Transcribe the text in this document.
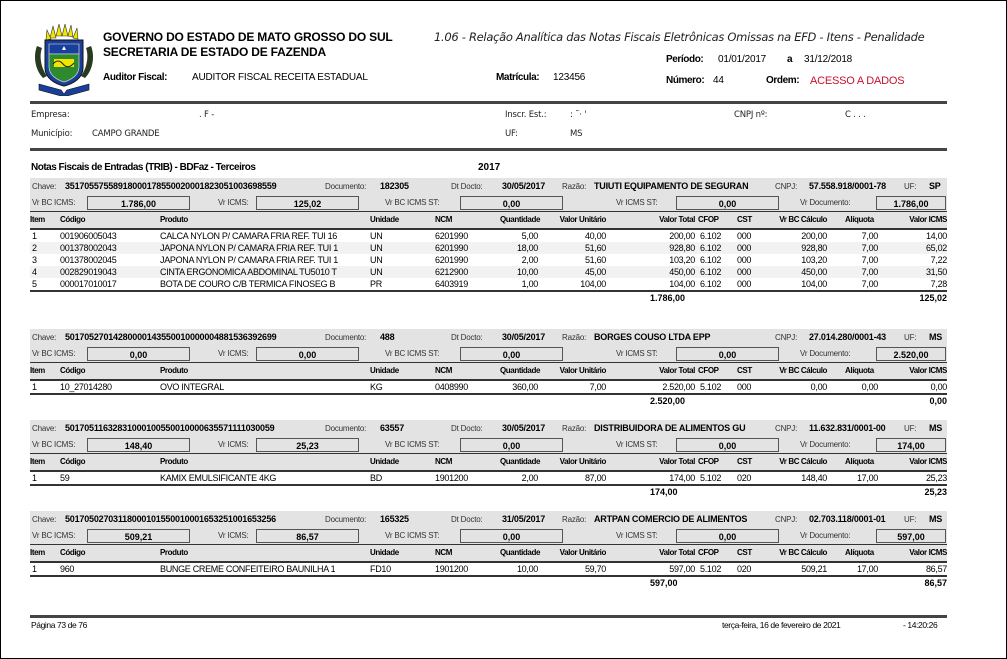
GOVERNO DO ESTADO DE MATO GROSSO DO SUL
SECRETARIA DE ESTADO DE FAZENDA
1.06 - Relação Analítica das Notas Fiscais Eletrônicas Omissas na EFD - Itens - Penalidade
Auditor Fiscal: AUDITOR FISCAL RECEITA ESTADUAL	Matrícula: 123456
Período: 01/01/2017 a 31/12/2018
Número: 44	Ordem: ACESSO A DADOS
Empresa:	. F -
Município: CAMPO GRANDE
Inscr. Est.:	: ˜· '
UF:	MS
CNPJ nº:	C . . .
Notas Fiscais de Entradas (TRIB) - BDFaz - Terceiros	2017
Chave: 35170557558918000178550020001823051003698559	Documento: 182305	Dt Docto: 30/05/2017 Razão: TUIUTI EQUIPAMENTO DE SEGURAN	CNPJ: 57.558.918/0001-78 UF: SP
Vr BC ICMS:	1.786,00	Vr ICMS:	125,02	Vr BC ICMS ST:	0,00	Vr ICMS ST:	0,00	Vr Documento:	1.786,00
Item Código	Produto	Unidade	NCM	Quantidade Valor Unitário	Valor Total CFOP CST	Vr BC Cálculo Alíquota	Valor ICMS
1	001906005043	CALCA NYLON P/ CAMARA FRIA REF. TUI 16	UN	6201990	5,00	40,00	200,00 6.102 000	200,00	7,00	14,00
2	001378002043	JAPONA NYLON P/ CAMARA FRIA REF. TUI 1	UN	6201990	18,00	51,60	928,80 6.102 000	928,80	7,00	65,02
3	001378002045	JAPONA NYLON P/ CAMARA FRIA REF. TUI 1	UN	6201990	2,00	51,60	103,20 6.102 000	103,20	7,00	7,22
4	002829019043	CINTA ERGONOMICA ABDOMINAL TU5010 T	UN	6212900	10,00	45,00	450,00 6.102 000	450,00	7,00	31,50
5	000017010017	BOTA DE COURO C/B TERMICA FINOSEG B	PR	6403919	1,00	104,00	104,00 6.102 000	104,00	7,00	7,28
1.786,00	125,02
Chave: 50170527014280000143550010000004881536392699	Documento: 488	Dt Docto: 30/05/2017 Razão: BORGES COUSO LTDA EPP	CNPJ: 27.014.280/0001-43 UF: MS
Vr BC ICMS:	0,00	Vr ICMS:	0,00	Vr BC ICMS ST:	0,00	Vr ICMS ST:	0,00	Vr Documento:	2.520,00
Item Código	Produto	Unidade	NCM	Quantidade Valor Unitário	Valor Total CFOP CST	Vr BC Cálculo Alíquota	Valor ICMS
1	10_27014280	OVO INTEGRAL	KG	0408990	360,00	7,00	2.520,00 5.102 000	0,00	0,00	0,00
2.520,00	0,00
Chave: 50170511632831000100550010000635571111030059	Documento: 63557	Dt Docto: 30/05/2017 Razão: DISTRIBUIDORA DE ALIMENTOS GU	CNPJ: 11.632.831/0001-00 UF: MS
Vr BC ICMS:	148,40	Vr ICMS:	25,23	Vr BC ICMS ST:	0,00	Vr ICMS ST:	0,00	Vr Documento:	174,00
Item Código	Produto	Unidade	NCM	Quantidade Valor Unitário	Valor Total CFOP CST	Vr BC Cálculo Alíquota	Valor ICMS
1	59	KAMIX EMULSIFICANTE 4KG	BD	1901200	2,00	87,00	174,00 5.102 020	148,40	17,00	25,23
174,00	25,23
Chave: 50170502703118000101550010001653251001653256	Documento: 165325	Dt Docto: 31/05/2017 Razão: ARTPAN COMERCIO DE ALIMENTOS	CNPJ: 02.703.118/0001-01 UF: MS
Vr BC ICMS:	509,21	Vr ICMS:	86,57	Vr BC ICMS ST:	0,00	Vr ICMS ST:	0,00	Vr Documento:	597,00
Item Código	Produto	Unidade	NCM	Quantidade Valor Unitário	Valor Total CFOP CST	Vr BC Cálculo Alíquota	Valor ICMS
1	960	BUNGE CREME CONFEITEIRO BAUNILHA 1	FD10	1901200	10,00	59,70	597,00 5.102 020	509,21	17,00	86,57
597,00	86,57
Página 73 de 76	terça-feira, 16 de fevereiro de 2021	- 14:20:26
